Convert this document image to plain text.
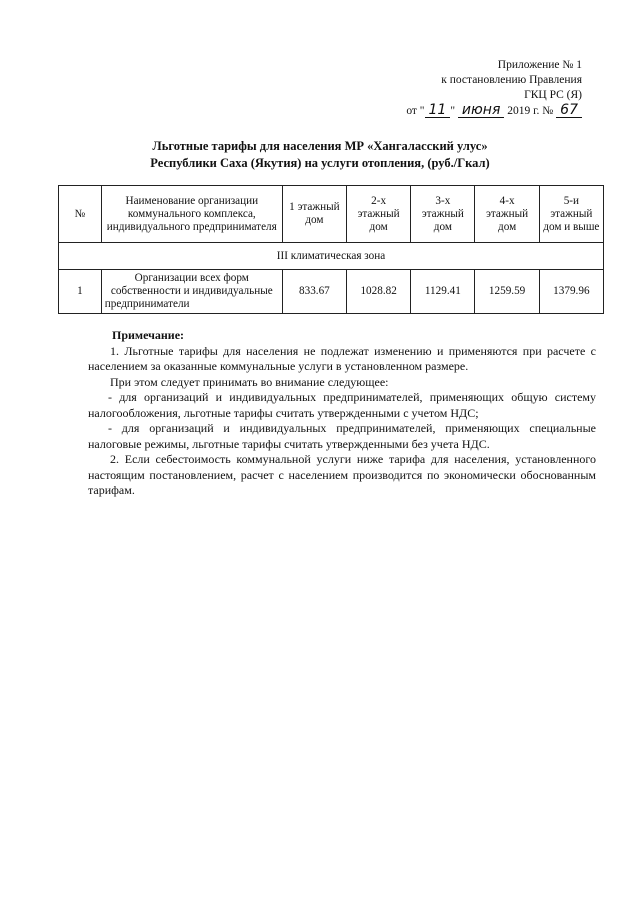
Приложение № 1
к постановлению Правления
ГКЦ РС (Я)
от " 11 " июня 2019 г. № 67
Льготные тарифы для населения МР «Хангаласский улус»
Республики Саха (Якутия) на услуги отопления, (руб./Гкал)
№	Наименование организации коммунального комплекса, индивидуального предпринимателя	1 этажный дом	2-х этажный дом	3-х этажный дом	4-х этажный дом	5-и этажный дом и выше
III климатическая зона						
1	Организации всех форм собственности и индивидуальные предприниматели	833.67	1028.82	1129.41	1259.59	1379.96

Примечание:

1. Льготные тарифы для населения не подлежат изменению и применяются при расчете с населением за оказанные коммунальные услуги в установленном размере.

При этом следует принимать во внимание следующее:

- для организаций и индивидуальных предпринимателей, применяющих общую систему налогообложения, льготные тарифы считать утвержденными с учетом НДС;

- для организаций и индивидуальных предпринимателей, применяющих специальные налоговые режимы, льготные тарифы считать утвержденными без учета НДС.

2. Если себестоимость коммунальной услуги ниже тарифа для населения, установленного настоящим постановлением, расчет с населением производится по экономически обоснованным тарифам.
